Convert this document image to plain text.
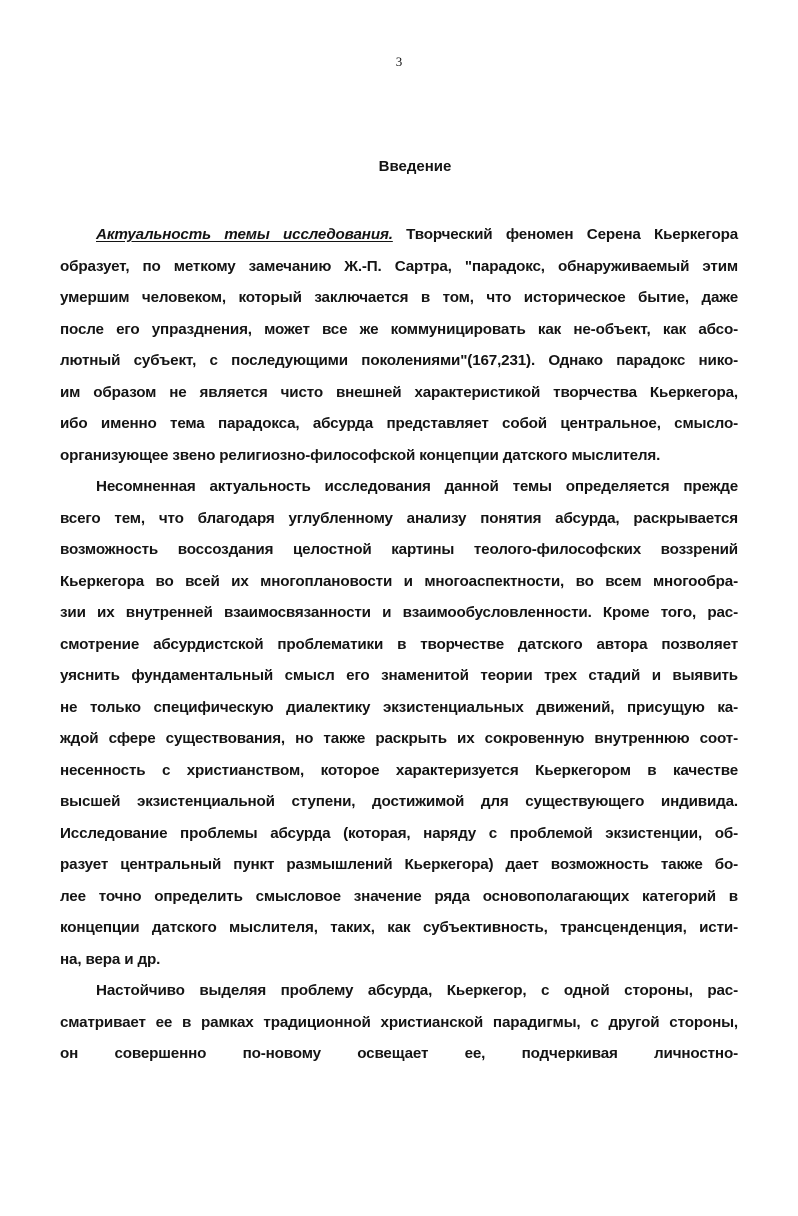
3
Введение
Актуальность темы исследования. Творческий феномен Серена Кьеркегора
образует, по меткому замечанию Ж.-П. Сартра, "парадокс, обнаруживаемый этим
умершим человеком, который заключается в том, что историческое бытие, даже
после его упразднения, может все же коммуницировать как не-объект, как абсо-
лютный субъект, с последующими поколениями"(167,231). Однако парадокс нико-
им образом не является чисто внешней характеристикой творчества Кьеркегора,
ибо именно тема парадокса, абсурда представляет собой центральное, смысло-
организующее звено религиозно-философской концепции датского мыслителя.
Несомненная актуальность исследования данной темы определяется прежде
всего тем, что благодаря углубленному анализу понятия абсурда, раскрывается
возможность воссоздания целостной картины теолого-философских воззрений
Кьеркегора во всей их многоплановости и многоаспектности, во всем многообра-
зии их внутренней взаимосвязанности и взаимообусловленности. Кроме того, рас-
смотрение абсурдистской проблематики в творчестве датского автора позволяет
уяснить фундаментальный смысл его знаменитой теории трех стадий и выявить
не только специфическую диалектику экзистенциальных движений, присущую ка-
ждой сфере существования, но также раскрыть их сокровенную внутреннюю соот-
несенность с христианством, которое характеризуется Кьеркегором в качестве
высшей экзистенциальной ступени, достижимой для существующего индивида.
Исследование проблемы абсурда (которая, наряду с проблемой экзистенции, об-
разует центральный пункт размышлений Кьеркегора) дает возможность также бо-
лее точно определить смысловое значение ряда основополагающих категорий в
концепции датского мыслителя, таких, как субъективность, трансценденция, исти-
на, вера и др.
Настойчиво выделяя проблему абсурда, Кьеркегор, с одной стороны, рас-
сматривает ее в рамках традиционной христианской парадигмы, с другой стороны,
он совершенно по-новому освещает ее, подчеркивая личностно-
